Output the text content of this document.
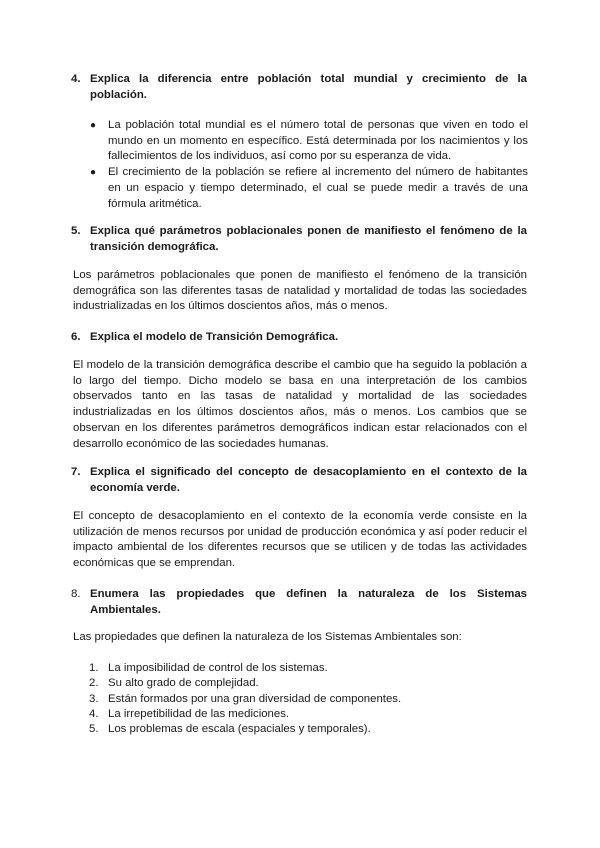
4. Explica la diferencia entre población total mundial y crecimiento de la población.

● La población total mundial es el número total de personas que viven en todo el mundo en un momento en específico. Está determinada por los nacimientos y los fallecimientos de los individuos, así como por su esperanza de vida.
● El crecimiento de la población se refiere al incremento del número de habitantes en un espacio y tiempo determinado, el cual se puede medir a través de una fórmula aritmética.

5. Explica qué parámetros poblacionales ponen de manifiesto el fenómeno de la transición demográfica.

Los parámetros poblacionales que ponen de manifiesto el fenómeno de la transición demográfica son las diferentes tasas de natalidad y mortalidad de todas las sociedades industrializadas en los últimos doscientos años, más o menos.

6. Explica el modelo de Transición Demográfica.

El modelo de la transición demográfica describe el cambio que ha seguido la población a lo largo del tiempo. Dicho modelo se basa en una interpretación de los cambios observados tanto en las tasas de natalidad y mortalidad de las sociedades industrializadas en los últimos doscientos años, más o menos. Los cambios que se observan en los diferentes parámetros demográficos indican estar relacionados con el desarrollo económico de las sociedades humanas.

7. Explica el significado del concepto de desacoplamiento en el contexto de la economía verde.

El concepto de desacoplamiento en el contexto de la economía verde consiste en la utilización de menos recursos por unidad de producción económica y así poder reducir el impacto ambiental de los diferentes recursos que se utilicen y de todas las actividades económicas que se emprendan.

8. Enumera las propiedades que definen la naturaleza de los Sistemas Ambientales.

Las propiedades que definen la naturaleza de los Sistemas Ambientales son:

1. La imposibilidad de control de los sistemas.
2. Su alto grado de complejidad.
3. Están formados por una gran diversidad de componentes.
4. La irrepetibilidad de las mediciones.
5. Los problemas de escala (espaciales y temporales).
